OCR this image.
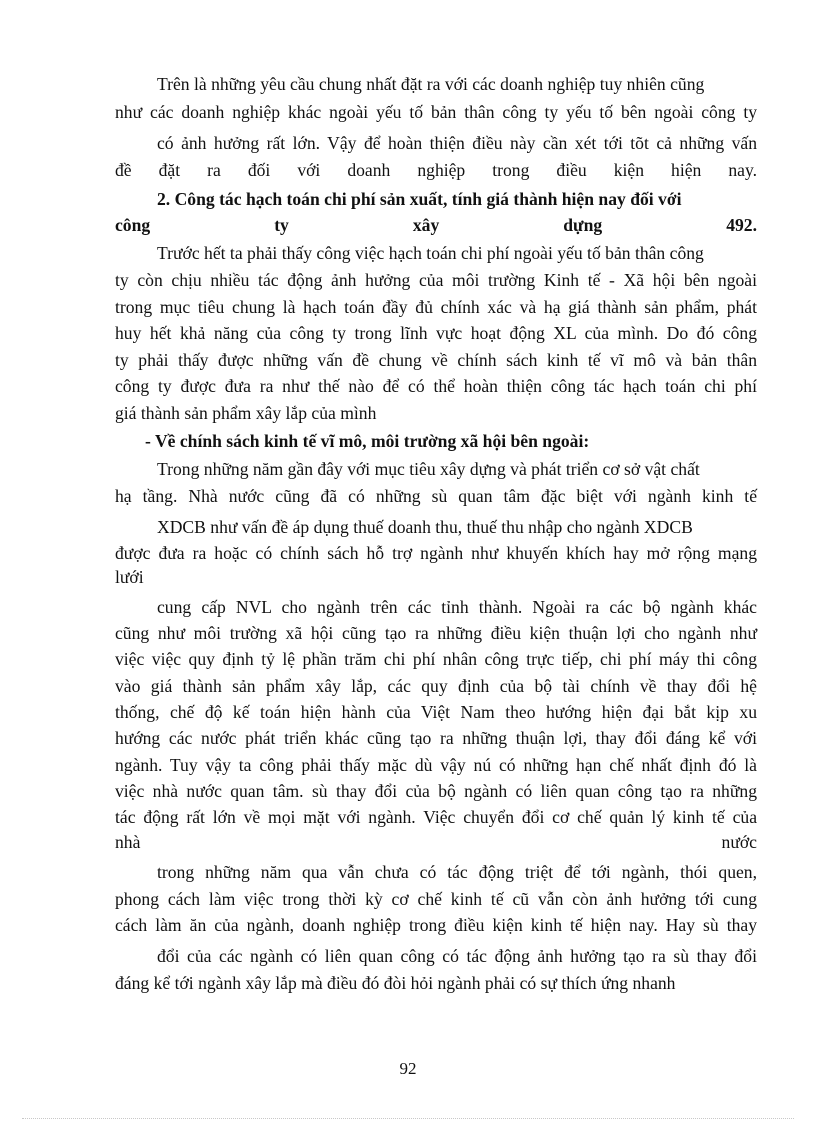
Trên là những yêu cầu chung nhất đặt ra với các doanh nghiệp tuy nhiên cũng

như các doanh nghiệp khác ngoài yếu tố bản thân công ty yếu tố bên ngoài công ty

có ảnh hưởng rất lớn. Vậy để hoàn thiện điều này cần xét tới tõt cả những vấn

đề đặt ra đối với doanh nghiệp trong điều kiện hiện nay.

2. Công tác hạch toán chi phí sản xuất, tính giá thành hiện nay đối với

công ty xây dựng 492.

Trước hết ta phải thấy công việc hạch toán chi phí ngoài yếu tố bản thân công

ty còn chịu nhiều tác động ảnh hưởng của môi trường Kinh tế - Xã hội bên ngoài

trong mục tiêu chung là hạch toán đầy đủ chính xác và hạ giá thành sản phẩm, phát

huy hết khả năng của công ty trong lĩnh vực hoạt động XL của mình. Do đó công

ty phải thấy được những vấn đề chung về chính sách kinh tế vĩ mô và bản thân

công ty được đưa ra như thế nào để có thể hoàn thiện công tác hạch toán chi phí

giá thành sản phẩm xây lắp của mình

- Về chính sách kinh tế vĩ mô, môi trường xã hội bên ngoài:

Trong những năm gần đây với mục tiêu xây dựng và phát triển cơ sở vật chất

hạ tầng. Nhà nước cũng đã có những sù quan tâm đặc biệt với ngành kinh tế

XDCB như vấn đề áp dụng thuế doanh thu, thuế thu nhập cho ngành XDCB

được đưa ra hoặc có chính sách hỗ trợ ngành như khuyến khích hay mở rộng mạng

lưới

cung cấp NVL cho ngành trên các tỉnh thành. Ngoài ra các bộ ngành khác

cũng như môi trường xã hội cũng tạo ra những điều kiện thuận lợi cho ngành như

việc việc quy định tỷ lệ phần trăm chi phí nhân công trực tiếp, chi phí máy thi công

vào giá thành sản phẩm xây lắp, các quy định của bộ tài chính về thay đổi hệ

thống, chế độ kế toán hiện hành của Việt Nam theo hướng hiện đại bắt kịp xu

hướng các nước phát triển khác cũng tạo ra những thuận lợi, thay đổi đáng kể với

ngành. Tuy vậy ta công phải thấy mặc dù vậy nú có những hạn chế nhất định đó là

việc nhà nước quan tâm. sù thay đổi của bộ ngành có liên quan công tạo ra những

tác động rất lớn về mọi mặt với ngành. Việc chuyển đổi cơ chế quản lý kinh tế của

nhà nước

trong những năm qua vẫn chưa có tác động triệt để tới ngành, thói quen,

phong cách làm việc trong thời kỳ cơ chế kinh tế cũ vẫn còn ảnh hưởng tới cung

cách làm ăn của ngành, doanh nghiệp trong điều kiện kinh tế hiện nay. Hay sù thay

đổi của các ngành có liên quan công có tác động ảnh hưởng tạo ra sù thay đổi

đáng kể tới ngành xây lắp mà điều đó đòi hỏi ngành phải có sự thích ứng nhanh

92
